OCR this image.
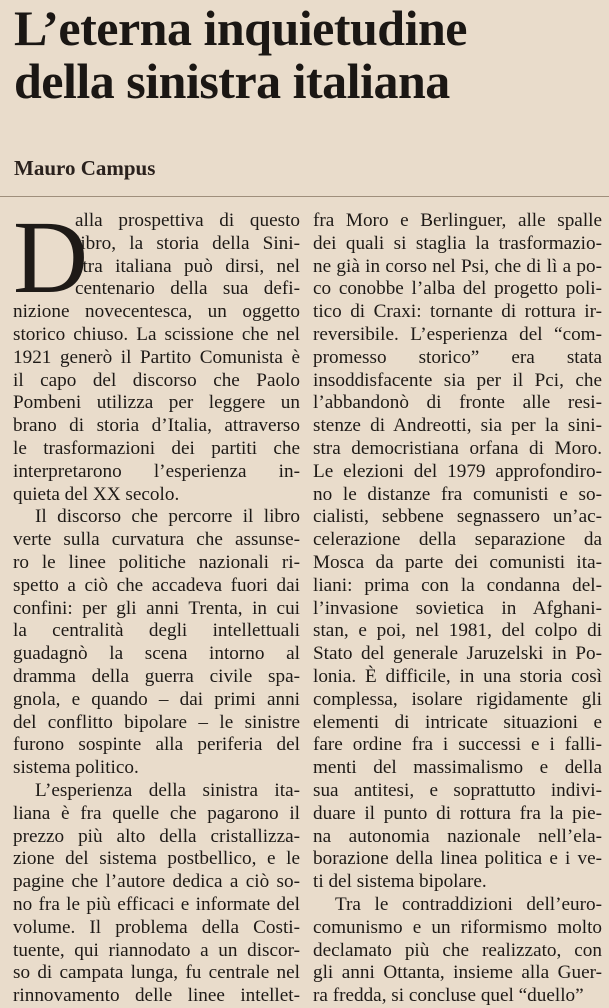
L’eterna inquietudine
della sinistra italiana
Mauro Campus
D
alla prospettiva di questo
libro, la storia della Sini-
stra italiana può dirsi, nel
centenario della sua defi-
nizione novecentesca, un oggetto
storico chiuso. La scissione che nel
1921 generò il Partito Comunista è
il capo del discorso che Paolo
Pombeni utilizza per leggere un
brano di storia d’Italia, attraverso
le trasformazioni dei partiti che
interpretarono l’esperienza in-
quieta del XX secolo.
Il discorso che percorre il libro
verte sulla curvatura che assunse-
ro le linee politiche nazionali ri-
spetto a ciò che accadeva fuori dai
confini: per gli anni Trenta, in cui
la centralità degli intellettuali
guadagnò la scena intorno al
dramma della guerra civile spa-
gnola, e quando – dai primi anni
del conflitto bipolare – le sinistre
furono sospinte alla periferia del
sistema politico.
L’esperienza della sinistra ita-
liana è fra quelle che pagarono il
prezzo più alto della cristallizza-
zione del sistema postbellico, e le
pagine che l’autore dedica a ciò so-
no fra le più efficaci e informate del
volume. Il problema della Costi-
tuente, qui riannodato a un discor-
so di campata lunga, fu centrale nel
rinnovamento delle linee intellet-
fra Moro e Berlinguer, alle spalle
dei quali si staglia la trasformazio-
ne già in corso nel Psi, che di lì a po-
co conobbe l’alba del progetto poli-
tico di Craxi: tornante di rottura ir-
reversibile. L’esperienza del “com-
promesso storico” era stata
insoddisfacente sia per il Pci, che
l’abbandonò di fronte alle resi-
stenze di Andreotti, sia per la sini-
stra democristiana orfana di Moro.
Le elezioni del 1979 approfondiro-
no le distanze fra comunisti e so-
cialisti, sebbene segnassero un’ac-
celerazione della separazione da
Mosca da parte dei comunisti ita-
liani: prima con la condanna del-
l’invasione sovietica in Afghani-
stan, e poi, nel 1981, del colpo di
Stato del generale Jaruzelski in Po-
lonia. È difficile, in una storia così
complessa, isolare rigidamente gli
elementi di intricate situazioni e
fare ordine fra i successi e i falli-
menti del massimalismo e della
sua antitesi, e soprattutto indivi-
duare il punto di rottura fra la pie-
na autonomia nazionale nell’ela-
borazione della linea politica e i ve-
ti del sistema bipolare.
Tra le contraddizioni dell’euro-
comunismo e un riformismo molto
declamato più che realizzato, con
gli anni Ottanta, insieme alla Guer-
ra fredda, si concluse quel “duello”
